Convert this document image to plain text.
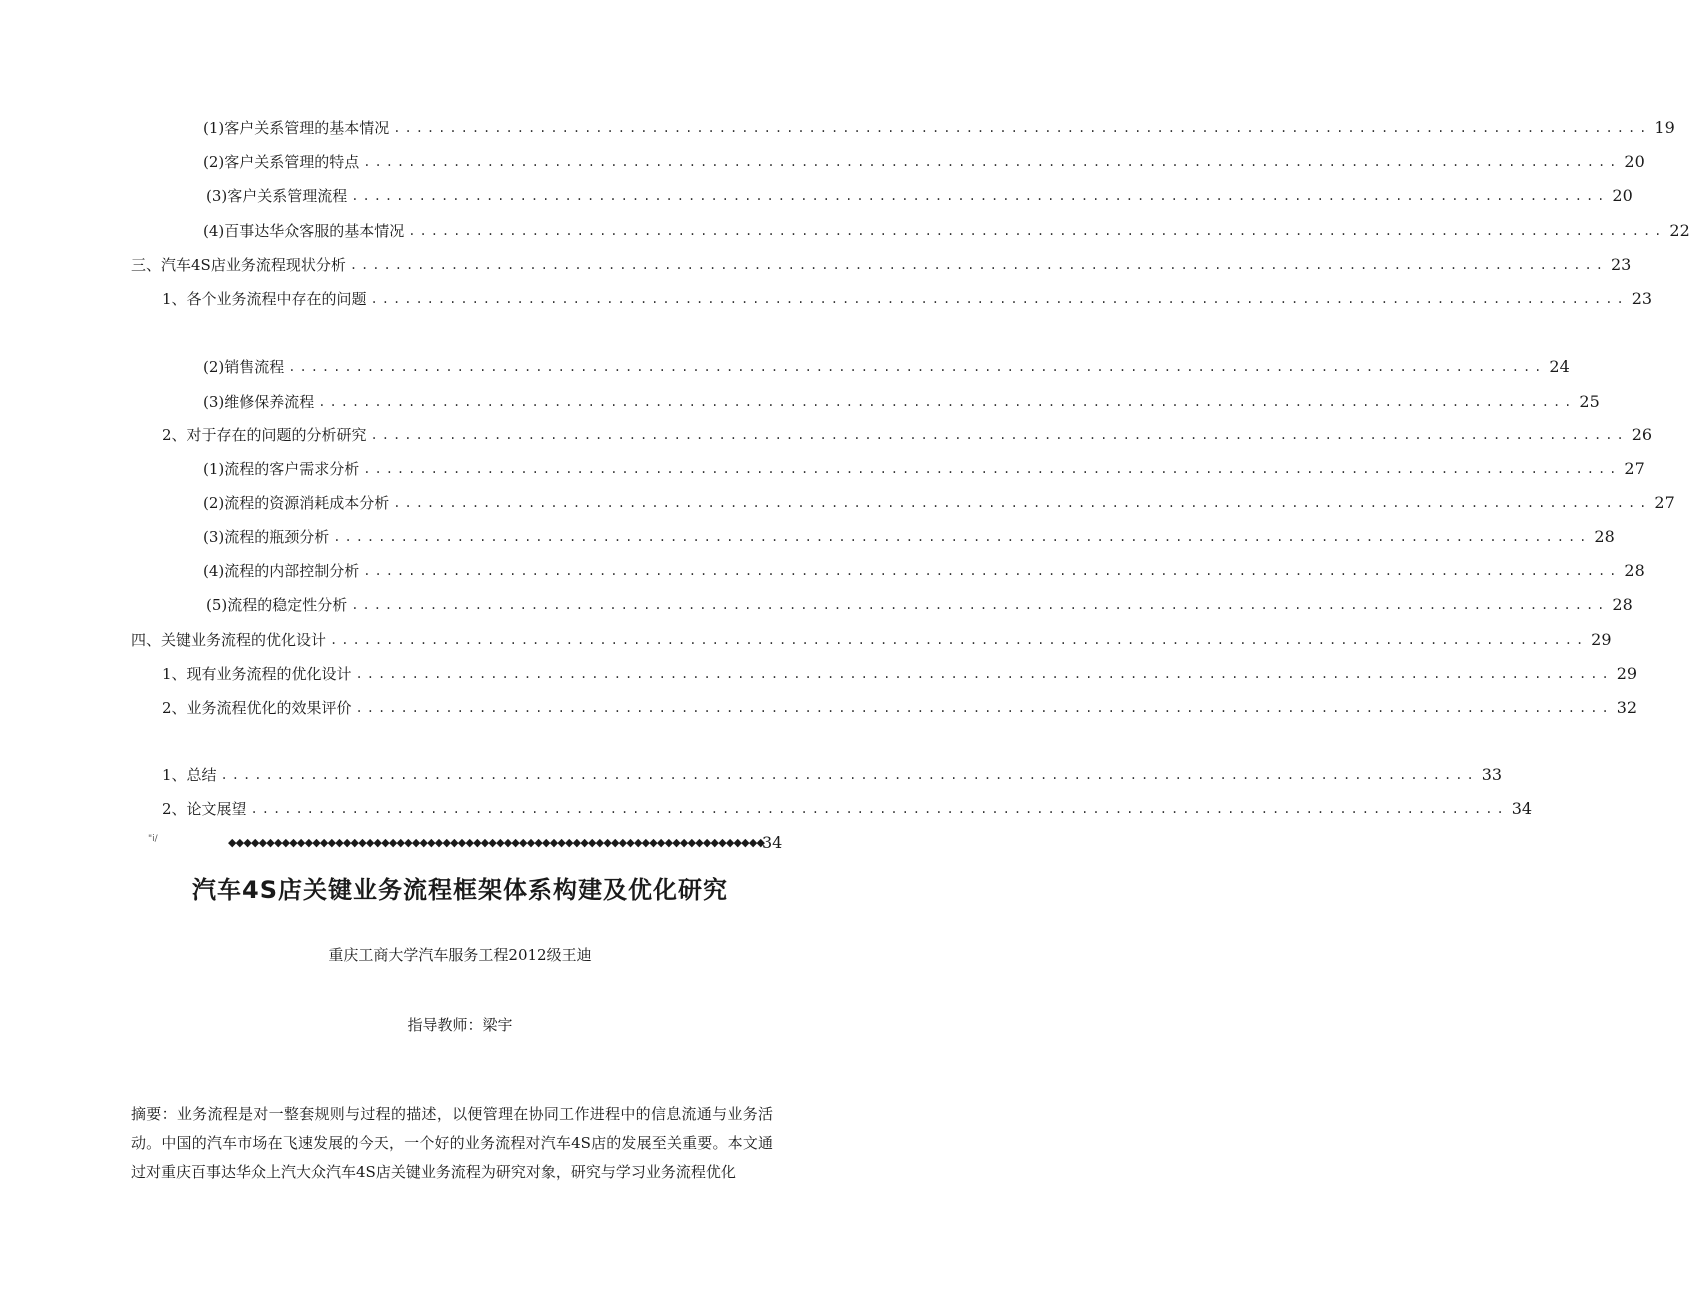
(1)客户关系管理的基本情况 ................................................................................................................ 19
(2)客户关系管理的特点 ................................................................................................................ 20
(3)客户关系管理流程 ................................................................................................................ 20
(4)百事达华众客服的基本情况 ................................................................................................................ 22
三、汽车4S店业务流程现状分析 ................................................................................................................ 23
1、各个业务流程中存在的问题 ................................................................................................................ 23
(2)销售流程 ................................................................................................................ 24
(3)维修保养流程 ................................................................................................................ 25
2、对于存在的问题的分析研究 ................................................................................................................ 26
(1)流程的客户需求分析 ................................................................................................................ 27
(2)流程的资源消耗成本分析 ................................................................................................................ 27
(3)流程的瓶颈分析 ................................................................................................................ 28
(4)流程的内部控制分析 ................................................................................................................ 28
(5)流程的稳定性分析 ................................................................................................................ 28
四、关键业务流程的优化设计 ................................................................................................................ 29
1、现有业务流程的优化设计 ................................................................................................................ 29
2、业务流程优化的效果评价 ................................................................................................................ 32
1、总结 ................................................................................................................ 33
2、论文展望 ................................................................................................................ 34
"i/	◆◆◆◆◆◆◆◆◆◆◆◆◆◆◆◆◆◆◆◆◆◆◆◆◆◆◆◆◆◆◆◆◆◆◆◆◆◆◆◆◆◆◆◆◆◆◆◆◆◆◆◆◆◆◆◆◆◆◆◆◆◆◆◆◆◆◆◆◆◆
34
汽车4S店关键业务流程框架体系构建及优化研究
重庆工商大学汽车服务工程2012级王迪
指导教师：梁宇
摘要：业务流程是对一整套规则与过程的描述，以便管理在协同工作进程中的信息流通与业务活动。中国的汽车市场在飞速发展的今天，一个好的业务流程对汽车4S店的发展至关重要。本文通过对重庆百事达华众上汽大众汽车4S店关键业务流程为研究对象，研究与学习业务流程优化
